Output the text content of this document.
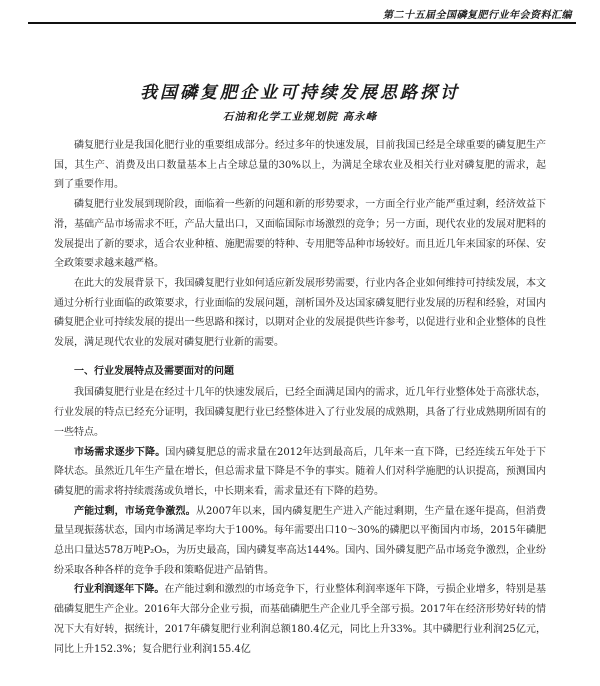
第二十五届全国磷复肥行业年会资料汇编
我国磷复肥企业可持续发展思路探讨
石油和化学工业规划院 高永峰

磷复肥行业是我国化肥行业的重要组成部分。经过多年的快速发展，目前我国已经是全球重要的磷复肥生产国，其生产、消费及出口数量基本上占全球总量的30%以上，为满足全球农业及相关行业对磷复肥的需求，起到了重要作用。

磷复肥行业发展到现阶段，面临着一些新的问题和新的形势要求，一方面全行业产能严重过剩，经济效益下滑，基础产品市场需求不旺，产品大量出口，又面临国际市场激烈的竞争；另一方面，现代农业的发展对肥料的发展提出了新的要求，适合农业种植、施肥需要的特种、专用肥等品种市场较好。而且近几年来国家的环保、安全政策要求越来越严格。

在此大的发展背景下，我国磷复肥行业如何适应新发展形势需要，行业内各企业如何维持可持续发展，本文通过分析行业面临的政策要求，行业面临的发展问题，剖析国外及达国家磷复肥行业发展的历程和经验，对国内磷复肥企业可持续发展的提出一些思路和探讨，以期对企业的发展提供些许参考，以促进行业和企业整体的良性发展，满足现代农业的发展对磷复肥行业新的需要。

一、行业发展特点及需要面对的问题

我国磷复肥行业是在经过十几年的快速发展后，已经全面满足国内的需求，近几年行业整体处于高涨状态，行业发展的特点已经充分证明，我国磷复肥行业已经整体进入了行业发展的成熟期，具备了行业成熟期所固有的一些特点。

市场需求逐步下降。国内磷复肥总的需求量在2012年达到最高后，几年来一直下降，已经连续五年处于下降状态。虽然近几年生产量在增长，但总需求量下降是不争的事实。随着人们对科学施肥的认识提高，预测国内磷复肥的需求将持续震荡或负增长，中长期来看，需求量还有下降的趋势。

产能过剩，市场竞争激烈。从2007年以来，国内磷复肥生产进入产能过剩期，生产量在逐年提高，但消费量呈现振荡状态，国内市场满足率均大于100%。每年需要出口10～30%的磷肥以平衡国内市场，2015年磷肥总出口量达578万吨P₂O₅，为历史最高，国内磷复率高达144%。国内、国外磷复肥产品市场竞争激烈，企业纷纷采取各种各样的竞争手段和策略促进产品销售。

行业利润逐年下降。在产能过剩和激烈的市场竞争下，行业整体利润率逐年下降，亏损企业增多，特别是基础磷复肥生产企业。2016年大部分企业亏损，而基础磷肥生产企业几乎全部亏损。2017年在经济形势好转的情况下大有好转，据统计，2017年磷复肥行业利润总额180.4亿元，同比上升33%。其中磷肥行业利润25亿元，同比上升152.3%；复合肥行业利润155.4亿
